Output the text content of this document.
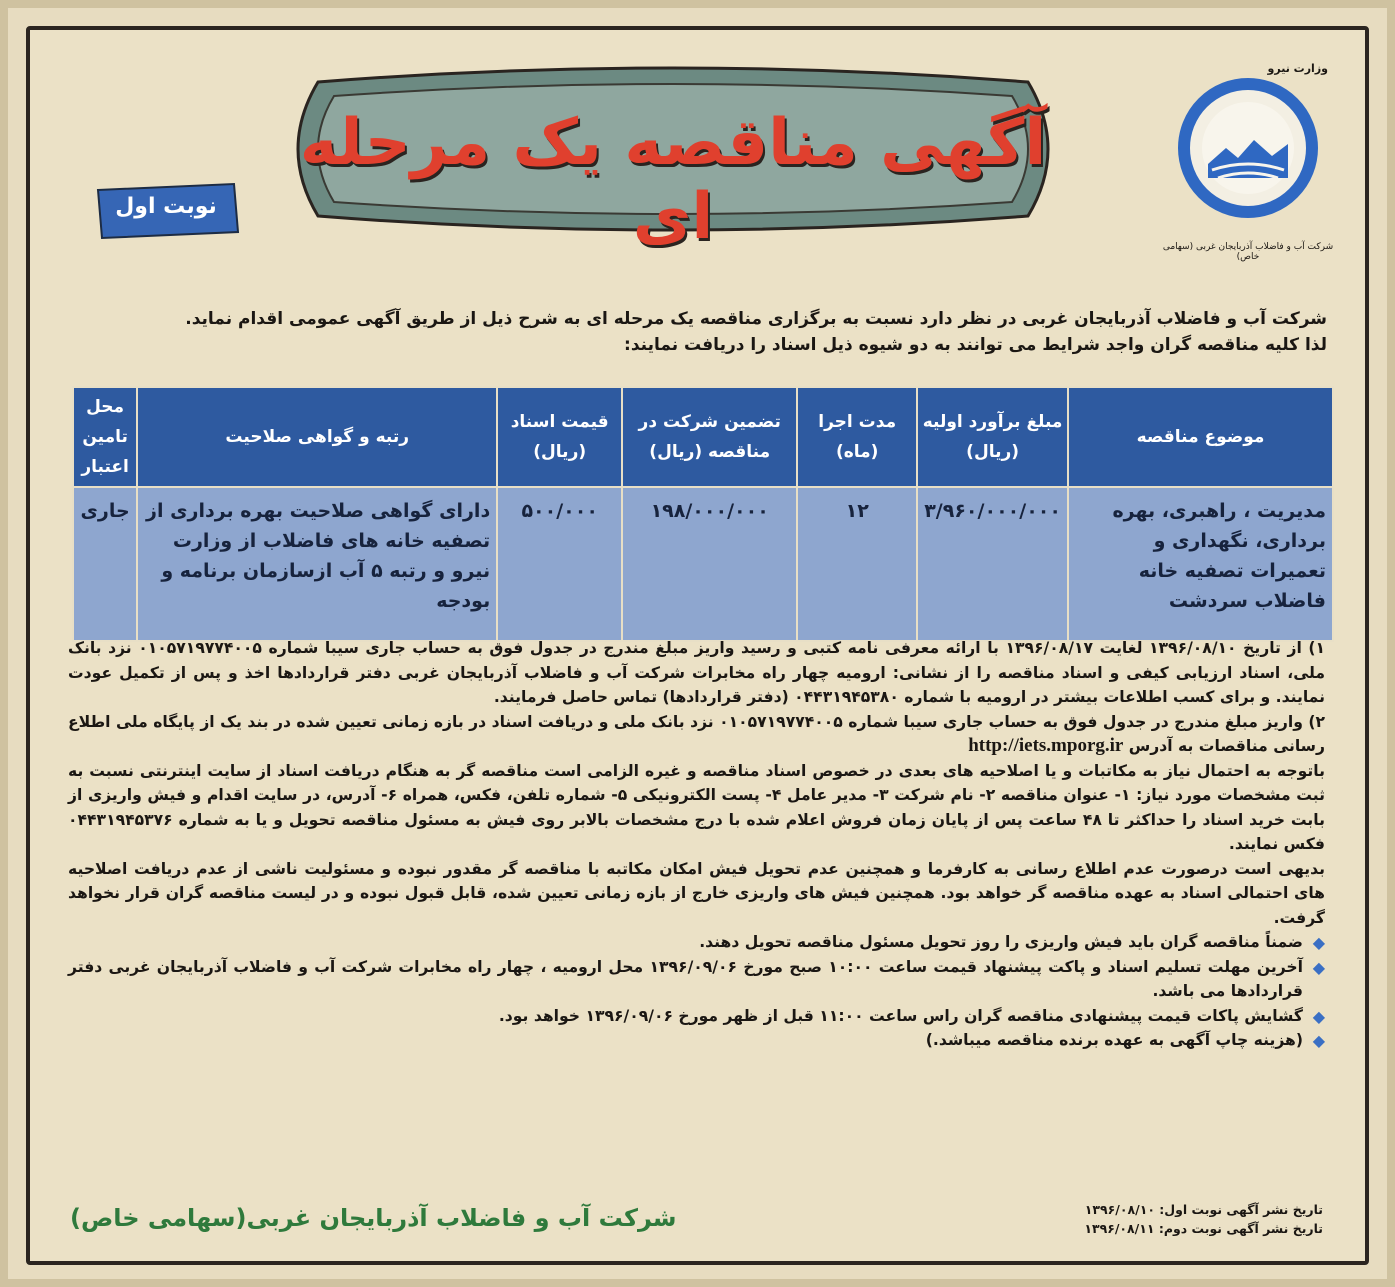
آگهی مناقصه یک مرحله ای
نوبت اول
وزارت نیرو
شرکت آب و فاضلاب آذربایجان غربی (سهامی خاص)
شرکت آب و فاضلاب آذربایجان غربی در نظر دارد نسبت به برگزاری مناقصه یک مرحله ای به شرح ذیل از طریق آگهی عمومی اقدام نماید.
لذا کلیه مناقصه گران واجد شرایط می توانند به دو شیوه ذیل اسناد را دریافت نمایند:
موضوع مناقصه	مبلغ برآورد اولیه (ریال)	مدت اجرا (ماه)	تضمین شرکت در مناقصه (ریال)	قیمت اسناد (ریال)	رتبه و گواهی صلاحیت	محل تامین اعتبار
مدیریت ، راهبری، بهره برداری، نگهداری و تعمیرات تصفیه خانه فاضلاب سردشت	۳/۹۶۰/۰۰۰/۰۰۰	۱۲	۱۹۸/۰۰۰/۰۰۰	۵۰۰/۰۰۰	دارای گواهی صلاحیت بهره برداری از تصفیه خانه های فاضلاب از وزارت نیرو و رتبه ۵ آب ازسازمان برنامه و بودجه	جاری

۱) از تاریخ ۱۳۹۶/۰۸/۱۰ لغایت ۱۳۹۶/۰۸/۱۷ با ارائه معرفی نامه کتبی و رسید واریز مبلغ مندرج در جدول فوق به حساب جاری سیبا شماره ۰۱۰۵۷۱۹۷۷۴۰۰۵ نزد بانک ملی، اسناد ارزیابی کیفی و اسناد مناقصه را از نشانی: ارومیه چهار راه مخابرات شرکت آب و فاضلاب آذربایجان غربی دفتر قراردادها اخذ و پس از تکمیل عودت نمایند. و برای کسب اطلاعات بیشتر در ارومیه با شماره ۰۴۴۳۱۹۴۵۳۸۰ (دفتر قراردادها) تماس حاصل فرمایند.

۲) واریز مبلغ مندرج در جدول فوق به حساب جاری سیبا شماره ۰۱۰۵۷۱۹۷۷۴۰۰۵ نزد بانک ملی و دریافت اسناد در بازه زمانی تعیین شده در بند یک از پایگاه ملی اطلاع رسانی مناقصات به آدرس http://iets.mporg.ir

باتوجه به احتمال نیاز به مکاتبات و یا اصلاحیه های بعدی در خصوص اسناد مناقصه و غیره الزامی است مناقصه گر به هنگام دریافت اسناد از سایت اینترنتی نسبت به ثبت مشخصات مورد نیاز: ۱- عنوان مناقصه ۲- نام شرکت ۳- مدیر عامل ۴- پست الکترونیکی ۵- شماره تلفن، فکس، همراه ۶- آدرس، در سایت اقدام و فیش واریزی از بابت خرید اسناد را حداکثر تا ۴۸ ساعت پس از پایان زمان فروش اعلام شده با درج مشخصات بالابر روی فیش به مسئول مناقصه تحویل و یا به شماره ۰۴۴۳۱۹۴۵۳۷۶ فکس نمایند.

بدیهی است درصورت عدم اطلاع رسانی به کارفرما و همچنین عدم تحویل فیش امکان مکاتبه با مناقصه گر مقدور نبوده و مسئولیت ناشی از عدم دریافت اصلاحیه های احتمالی اسناد به عهده مناقصه گر خواهد بود. همچنین فیش های واریزی خارج از بازه زمانی تعیین شده، قابل قبول نبوده و در لیست مناقصه گران قرار نخواهد گرفت.

◆
ضمناً مناقصه گران باید فیش واریزی را روز تحویل مسئول مناقصه تحویل دهند.

◆
آخرین مهلت تسلیم اسناد و پاکت پیشنهاد قیمت ساعت ۱۰:۰۰ صبح مورخ ۱۳۹۶/۰۹/۰۶ محل ارومیه ، چهار راه مخابرات شرکت آب و فاضلاب آذربایجان غربی دفتر قراردادها می باشد.

◆
گشایش پاکات قیمت پیشنهادی مناقصه گران راس ساعت ۱۱:۰۰ قبل از ظهر مورخ ۱۳۹۶/۰۹/۰۶ خواهد بود.

◆
(هزینه چاپ آگهی به عهده برنده مناقصه میباشد.)

شرکت آب و فاضلاب آذربایجان غربی(سهامی خاص)	تاریخ نشر آگهی نوبت اول: ۱۳۹۶/۰۸/۱۰
تاریخ نشر آگهی نوبت دوم: ۱۳۹۶/۰۸/۱۱
